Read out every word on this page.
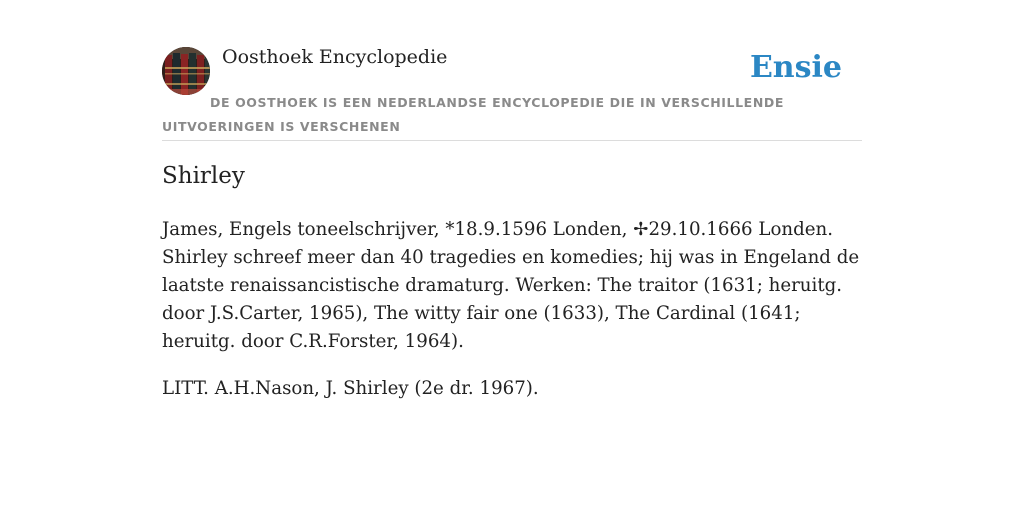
Oosthoek Encyclopedie	Ensie
DE OOSTHOEK IS EEN NEDERLANDSE ENCYCLOPEDIE DIE IN VERSCHILLENDE UITVOERINGEN IS VERSCHENEN
Shirley

James, Engels toneelschrijver, *18.9.1596 Londen, ✢29.10.1666 Londen. Shirley schreef meer dan 40 tragedies en komedies; hij was in Engeland de laatste renaissancistische dramaturg. Werken: The traitor (1631; heruitg. door J.S.Carter, 1965), The witty fair one (1633), The Cardinal (1641; heruitg. door C.R.Forster, 1964).

LITT. A.H.Nason, J. Shirley (2e dr. 1967).
